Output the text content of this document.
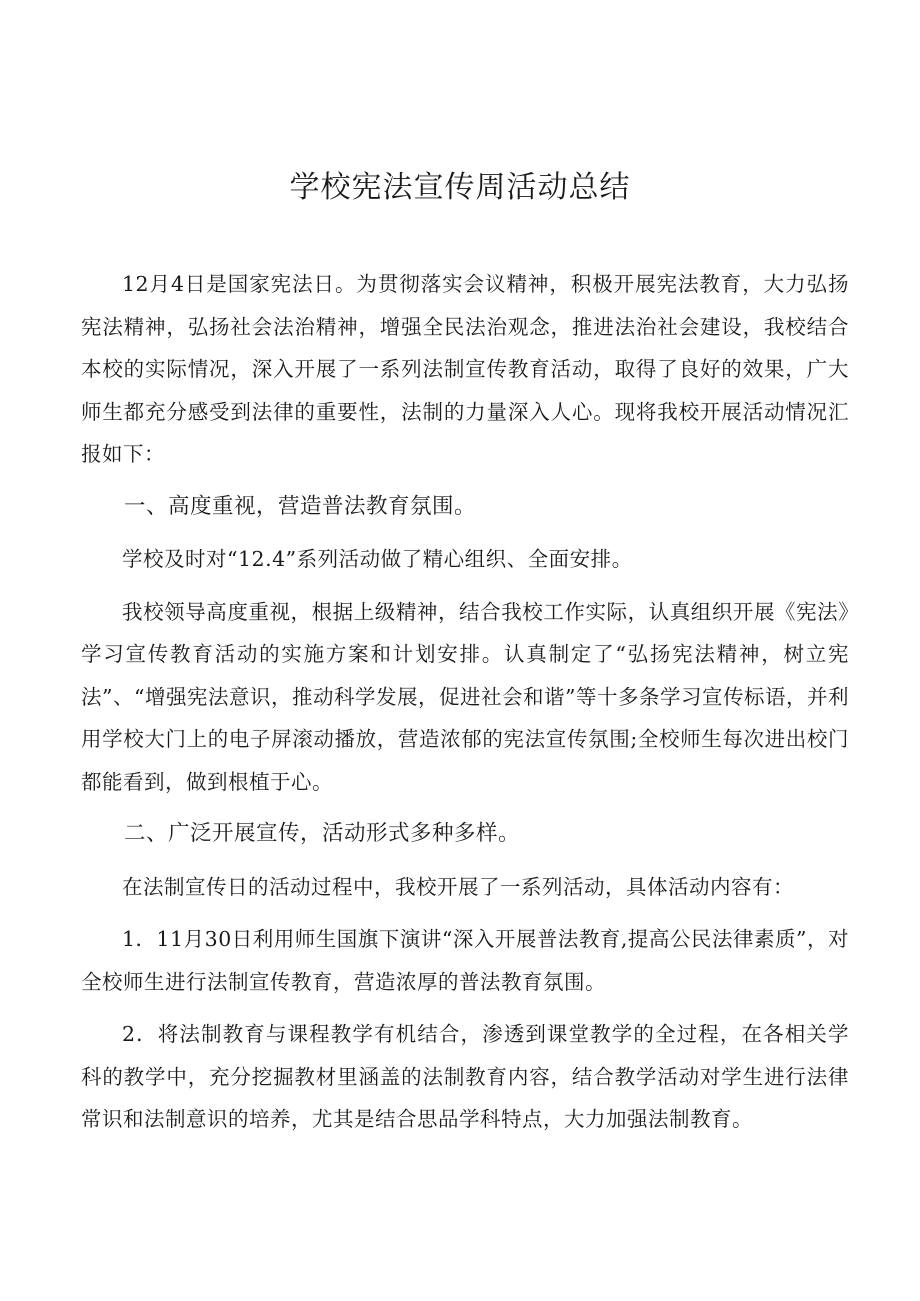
学校宪法宣传周活动总结

12月4日是国家宪法日。为贯彻落实会议精神，积极开展宪法教育，大力弘扬宪法精神，弘扬社会法治精神，增强全民法治观念，推进法治社会建设，我校结合本校的实际情况，深入开展了一系列法制宣传教育活动，取得了良好的效果，广大师生都充分感受到法律的重要性，法制的力量深入人心。现将我校开展活动情况汇报如下：

一、高度重视，营造普法教育氛围。

学校及时对“12.4”系列活动做了精心组织、全面安排。

我校领导高度重视，根据上级精神，结合我校工作实际，认真组织开展《宪法》学习宣传教育活动的实施方案和计划安排。认真制定了“弘扬宪法精神，树立宪法”、“增强宪法意识，推动科学发展，促进社会和谐”等十多条学习宣传标语，并利用学校大门上的电子屏滚动播放，营造浓郁的宪法宣传氛围;全校师生每次进出校门都能看到，做到根植于心。

二、广泛开展宣传，活动形式多种多样。

在法制宣传日的活动过程中，我校开展了一系列活动，具体活动内容有：

1．11月30日利用师生国旗下演讲“深入开展普法教育,提高公民法律素质”，对全校师生进行法制宣传教育，营造浓厚的普法教育氛围。

2．将法制教育与课程教学有机结合，渗透到课堂教学的全过程，在各相关学科的教学中，充分挖掘教材里涵盖的法制教育内容，结合教学活动对学生进行法律常识和法制意识的培养，尤其是结合思品学科特点，大力加强法制教育。
